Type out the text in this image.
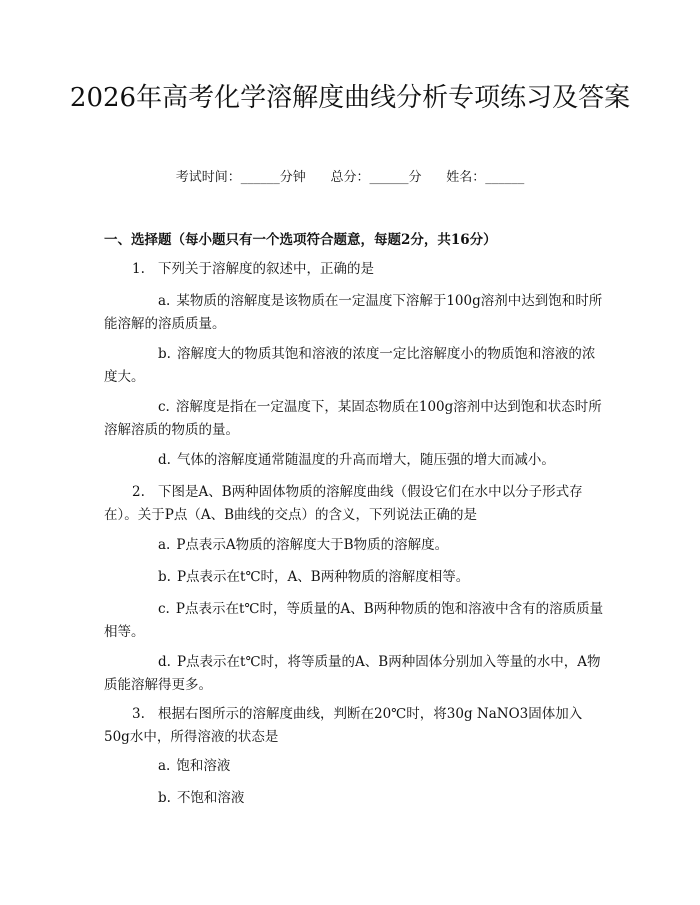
2026年高考化学溶解度曲线分析专项练习及答案
考试时间：______分钟      总分：______分      姓名：______
一、选择题（每小题只有一个选项符合题意，每题2分，共16分）
1. 下列关于溶解度的叙述中，正确的是
a. 某物质的溶解度是该物质在一定温度下溶解于100g溶剂中达到饱和时所能溶解的溶质质量。
b. 溶解度大的物质其饱和溶液的浓度一定比溶解度小的物质饱和溶液的浓度大。
c. 溶解度是指在一定温度下，某固态物质在100g溶剂中达到饱和状态时所溶解溶质的物质的量。
d. 气体的溶解度通常随温度的升高而增大，随压强的增大而减小。
2. 下图是A、B两种固体物质的溶解度曲线（假设它们在水中以分子形式存在）。关于P点（A、B曲线的交点）的含义，下列说法正确的是
a. P点表示A物质的溶解度大于B物质的溶解度。
b. P点表示在t℃时，A、B两种物质的溶解度相等。
c. P点表示在t℃时，等质量的A、B两种物质的饱和溶液中含有的溶质质量相等。
d. P点表示在t℃时，将等质量的A、B两种固体分别加入等量的水中，A物质能溶解得更多。
3. 根据右图所示的溶解度曲线，判断在20℃时，将30g NaNO3固体加入50g水中，所得溶液的状态是
a. 饱和溶液
b. 不饱和溶液
